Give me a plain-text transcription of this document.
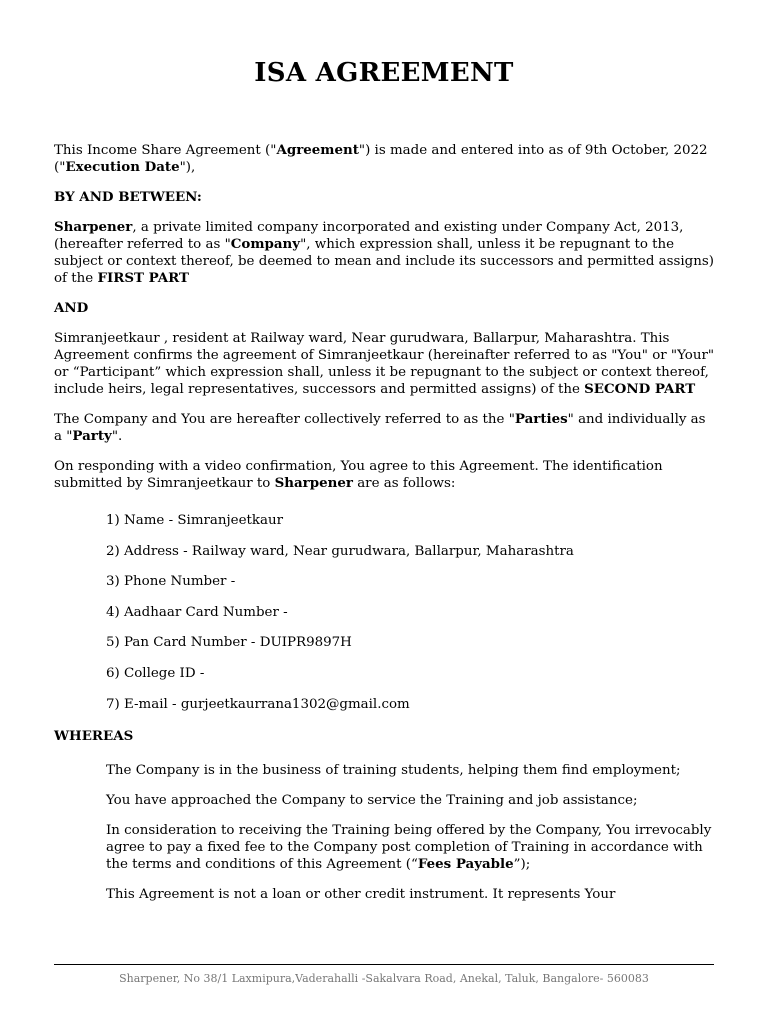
ISA AGREEMENT

This Income Share Agreement ("Agreement") is made and entered into as of 9th October, 2022 ("Execution Date"),

BY AND BETWEEN:

Sharpener, a private limited company incorporated and existing under Company Act, 2013, (hereafter referred to as "Company", which expression shall, unless it be repugnant to the subject or context thereof, be deemed to mean and include its successors and permitted assigns) of the FIRST PART

AND

Simranjeetkaur , resident at Railway ward, Near gurudwara, Ballarpur, Maharashtra. This Agreement confirms the agreement of Simranjeetkaur (hereinafter referred to as "You" or "Your" or “Participant” which expression shall, unless it be repugnant to the subject or context thereof, include heirs, legal representatives, successors and permitted assigns) of the SECOND PART

The Company and You are hereafter collectively referred to as the "Parties" and individually as a "Party".

On responding with a video confirmation, You agree to this Agreement. The identification submitted by Simranjeetkaur to Sharpener are as follows:

1) Name - Simranjeetkaur
2) Address - Railway ward, Near gurudwara, Ballarpur, Maharashtra
3) Phone Number -
4) Aadhaar Card Number -
5) Pan Card Number - DUIPR9897H
6) College ID -
7) E-mail - gurjeetkaurrana1302@gmail.com

WHEREAS

The Company is in the business of training students, helping them find employment;

You have approached the Company to service the Training and job assistance;

In consideration to receiving the Training being offered by the Company, You irrevocably agree to pay a fixed fee to the Company post completion of Training in accordance with the terms and conditions of this Agreement (“Fees Payable”);

This Agreement is not a loan or other credit instrument. It represents Your

Sharpener, No 38/1 Laxmipura,Vaderahalli -Sakalvara Road, Anekal, Taluk, Bangalore- 560083
